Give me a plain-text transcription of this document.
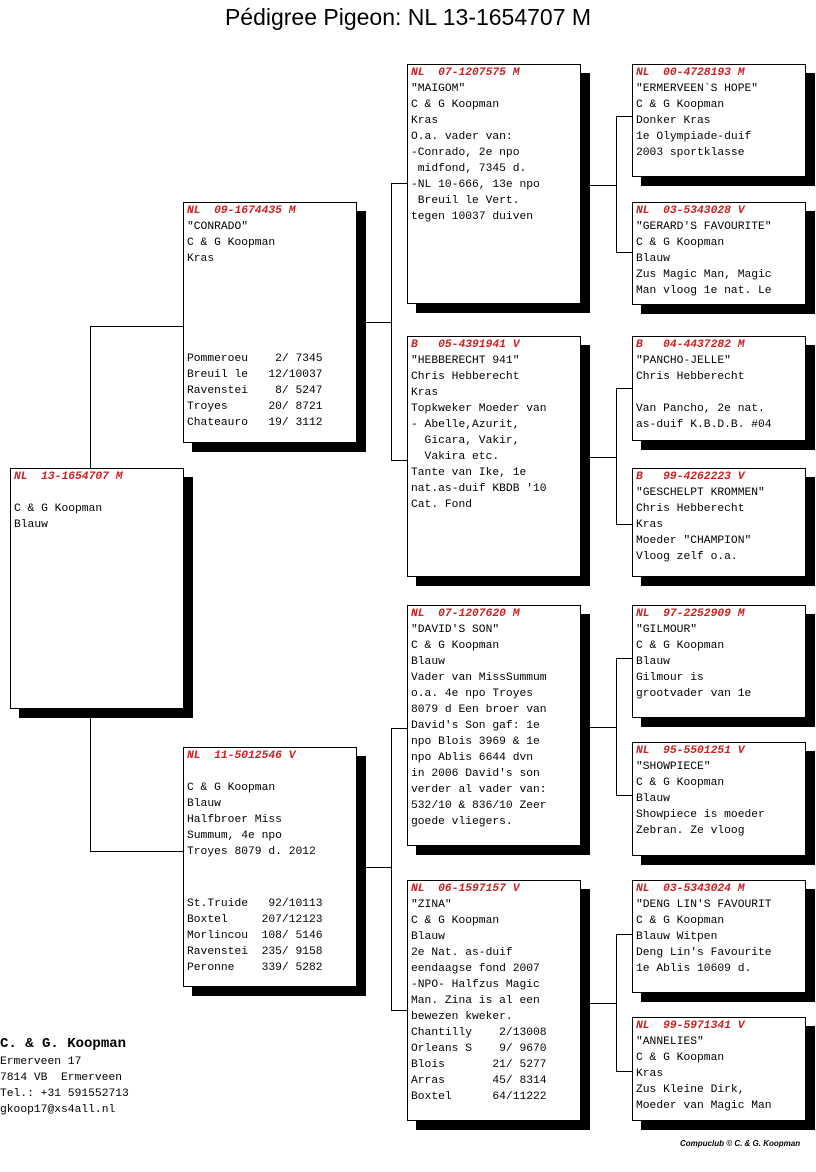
Pédigree Pigeon: NL 13-1654707 M
NL  13-1654707 M
C & G Koopman
Blauw
NL  09-1674435 M
"CONRADO"
C & G Koopman
Kras
Pommeroeu    2/ 7345
Breuil le   12/10037
Ravenstei    8/ 5247
Troyes      20/ 8721
Chateauro   19/ 3112
NL  11-5012546 V
C & G Koopman
Blauw
Halfbroer Miss
Summum, 4e npo
Troyes 8079 d. 2012
St.Truide   92/10113
Boxtel     207/12123
Morlincou  108/ 5146
Ravenstei  235/ 9158
Peronne    339/ 5282
NL  07-1207575 M
"MAIGOM"
C & G Koopman
Kras
O.a. vader van:
-Conrado, 2e npo
midfond, 7345 d.
-NL 10-666, 13e npo
Breuil le Vert.
tegen 10037 duiven
B   05-4391941 V
"HEBBERECHT 941"
Chris Hebberecht
Kras
Topkweker Moeder van
- Abelle,Azurit,
Gicara, Vakir,
Vakira etc.
Tante van Ike, 1e
nat.as-duif KBDB '10
Cat. Fond
NL  07-1207620 M
"DAVID'S SON"
C & G Koopman
Blauw
Vader van MissSummum
o.a. 4e npo Troyes
8079 d Een broer van
David's Son gaf: 1e
npo Blois 3969 & 1e
npo Ablis 6644 dvn
in 2006 David's son
verder al vader van:
532/10 & 836/10 Zeer
goede vliegers.
NL  06-1597157 V
"ZINA"
C & G Koopman
Blauw
2e Nat. as-duif
eendaagse fond 2007
-NPO- Halfzus Magic
Man. Zina is al een
bewezen kweker.
Chantilly    2/13008
Orleans S    9/ 9670
Blois       21/ 5277
Arras       45/ 8314
Boxtel      64/11222
NL  00-4728193 M
"ERMERVEEN`S HOPE"
C & G Koopman
Donker Kras
1e Olympiade-duif
2003 sportklasse
NL  03-5343028 V
"GERARD'S FAVOURITE"
C & G Koopman
Blauw
Zus Magic Man, Magic
Man vloog 1e nat. Le
B   04-4437282 M
"PANCHO-JELLE"
Chris Hebberecht
Van Pancho, 2e nat.
as-duif K.B.D.B. #04
B   99-4262223 V
"GESCHELPT KROMMEN"
Chris Hebberecht
Kras
Moeder "CHAMPION"
Vloog zelf o.a.
NL  97-2252909 M
"GILMOUR"
C & G Koopman
Blauw
Gilmour is
grootvader van 1e
NL  95-5501251 V
"SHOWPIECE"
C & G Koopman
Blauw
Showpiece is moeder
Zebran. Ze vloog
NL  03-5343024 M
"DENG LIN'S FAVOURIT
C & G Koopman
Blauw Witpen
Deng Lin's Favourite
1e Ablis 10609 d.
NL  99-5971341 V
"ANNELIES"
C & G Koopman
Kras
Zus Kleine Dirk,
Moeder van Magic Man
C. & G. Koopman
Ermerveen 17
7814 VB  Ermerveen
Tel.: +31 591552713
gkoop17@xs4all.nl
Compuclub © C. & G. Koopman
